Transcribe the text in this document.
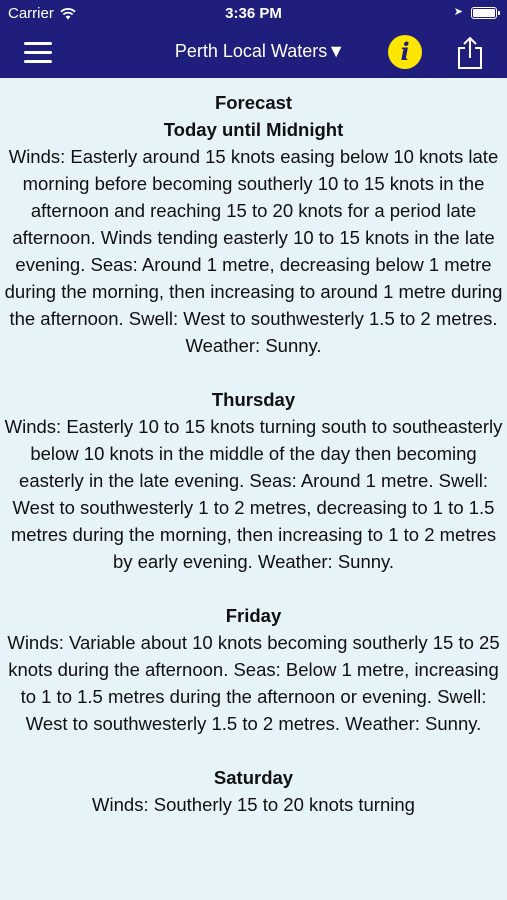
Carrier	3:36 PM	➤
Perth Local Waters▼	i
Forecast
Today until Midnight
Winds: Easterly around 15 knots easing below 10 knots late morning before becoming southerly 10 to 15 knots in the afternoon and reaching 15 to 20 knots for a period late afternoon. Winds tending easterly 10 to 15 knots in the late evening. Seas: Around 1 metre, decreasing below 1 metre during the morning, then increasing to around 1 metre during the afternoon. Swell: West to southwesterly 1.5 to 2 metres. Weather: Sunny.
Thursday
Winds: Easterly 10 to 15 knots turning south to southeasterly below 10 knots in the middle of the day then becoming easterly in the late evening. Seas: Around 1 metre. Swell: West to southwesterly 1 to 2 metres, decreasing to 1 to 1.5 metres during the morning, then increasing to 1 to 2 metres by early evening. Weather: Sunny.
Friday
Winds: Variable about 10 knots becoming southerly 15 to 25 knots during the afternoon. Seas: Below 1 metre, increasing to 1 to 1.5 metres during the afternoon or evening. Swell: West to southwesterly 1.5 to 2 metres. Weather: Sunny.
Saturday
Winds: Southerly 15 to 20 knots turning
